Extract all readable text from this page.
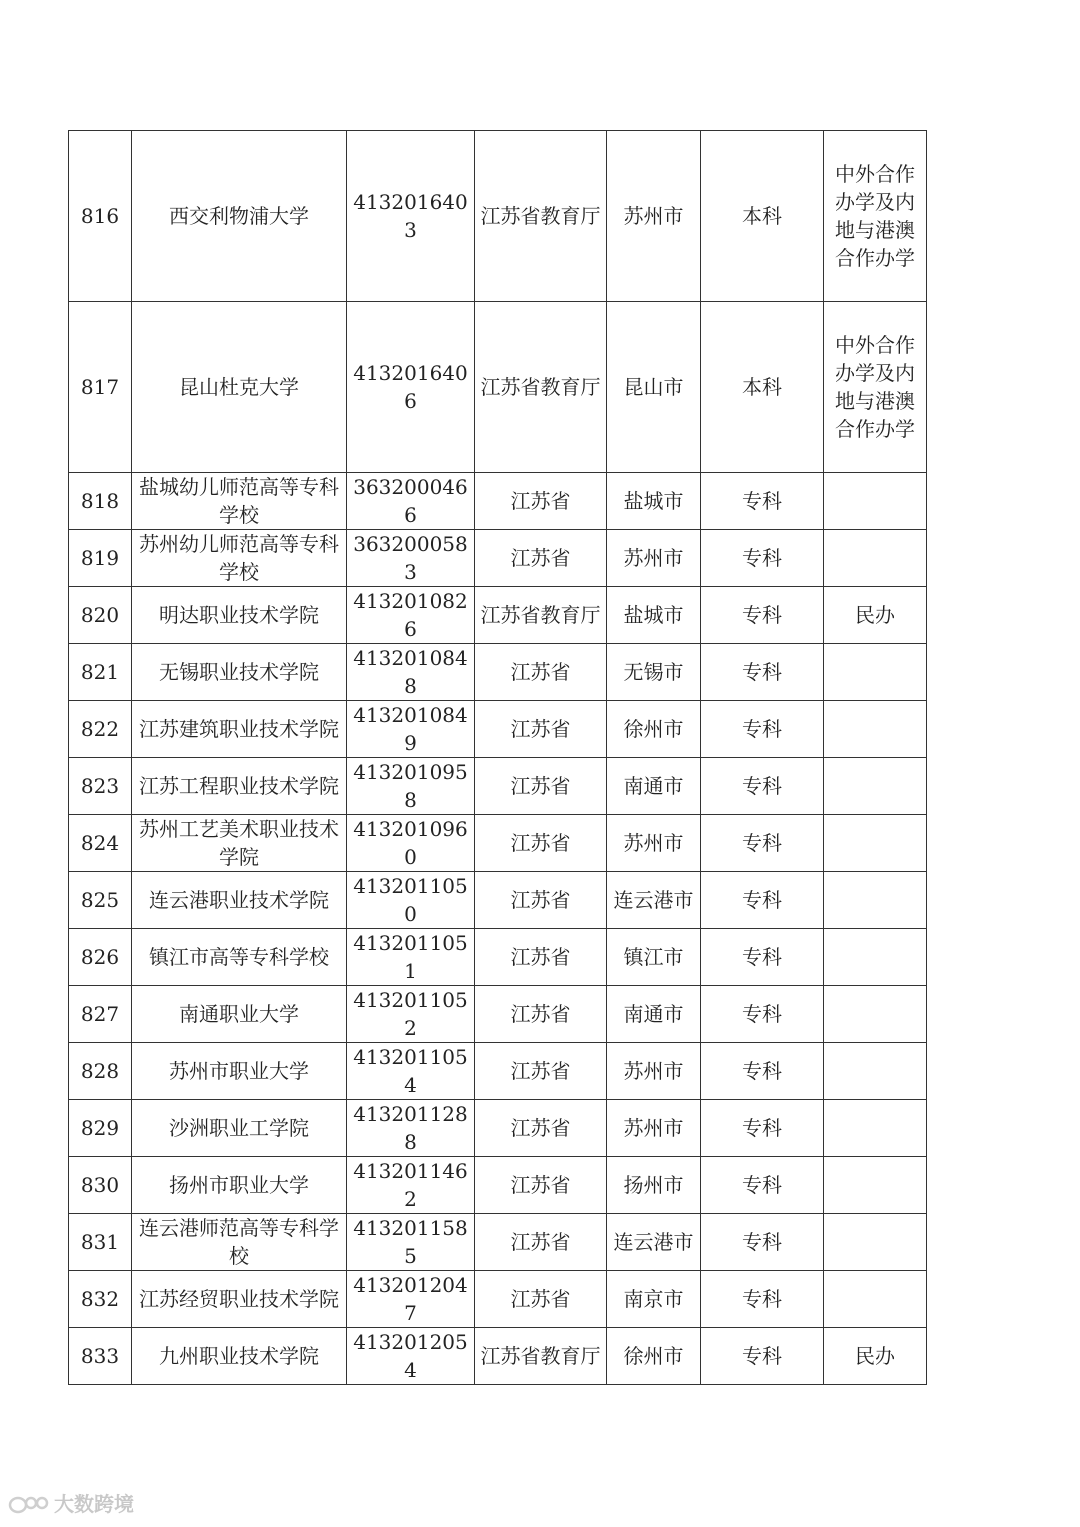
816	西交利物浦大学	4132016403	江苏省教育厅	苏州市	本科	中外合作办学及内地与港澳合作办学
817	昆山杜克大学	4132016406	江苏省教育厅	昆山市	本科	中外合作办学及内地与港澳合作办学
818	盐城幼儿师范高等专科学校	3632000466	江苏省	盐城市	专科	
819	苏州幼儿师范高等专科学校	3632000583	江苏省	苏州市	专科	
820	明达职业技术学院	4132010826	江苏省教育厅	盐城市	专科	民办
821	无锡职业技术学院	4132010848	江苏省	无锡市	专科	
822	江苏建筑职业技术学院	4132010849	江苏省	徐州市	专科	
823	江苏工程职业技术学院	4132010958	江苏省	南通市	专科	
824	苏州工艺美术职业技术学院	4132010960	江苏省	苏州市	专科	
825	连云港职业技术学院	4132011050	江苏省	连云港市	专科	
826	镇江市高等专科学校	4132011051	江苏省	镇江市	专科	
827	南通职业大学	4132011052	江苏省	南通市	专科	
828	苏州市职业大学	4132011054	江苏省	苏州市	专科	
829	沙洲职业工学院	4132011288	江苏省	苏州市	专科	
830	扬州市职业大学	4132011462	江苏省	扬州市	专科	
831	连云港师范高等专科学校	4132011585	江苏省	连云港市	专科	
832	江苏经贸职业技术学院	4132012047	江苏省	南京市	专科	
833	九州职业技术学院	4132012054	江苏省教育厅	徐州市	专科	民办
大数跨境
